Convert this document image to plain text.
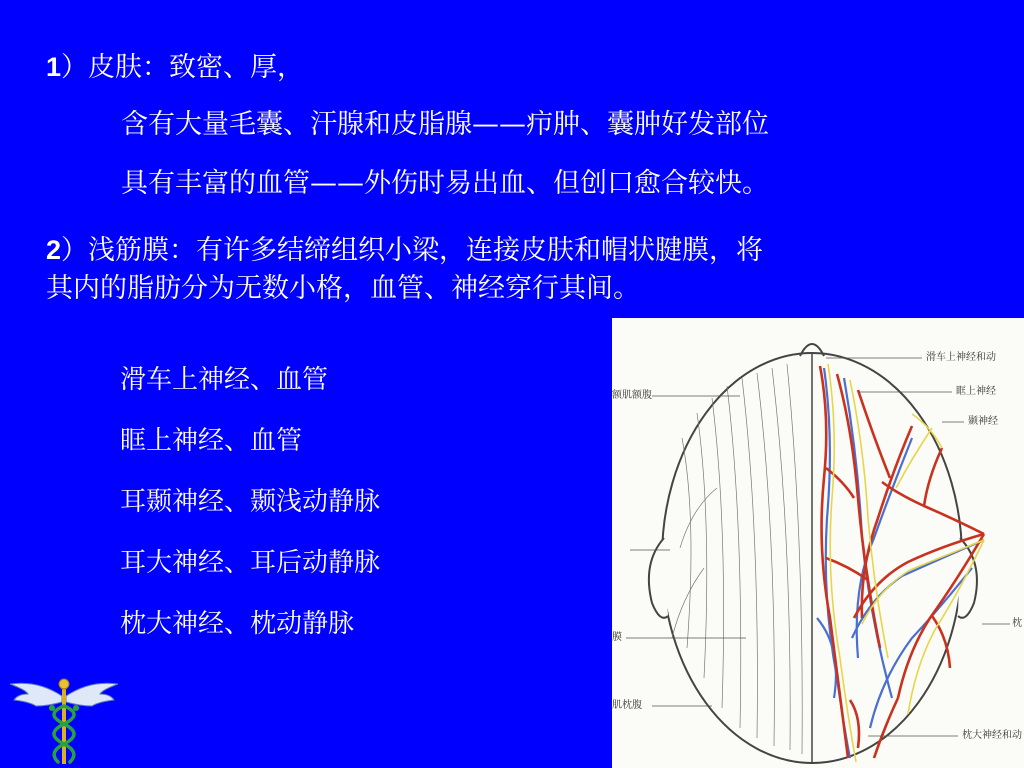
1）皮肤：致密、厚，
含有大量毛囊、汗腺和皮脂腺——疖肿、囊肿好发部位
具有丰富的血管——外伤时易出血、但创口愈合较快。
2）浅筋膜：有许多结缔组织小梁，连接皮肤和帽状腱膜，将
其内的脂肪分为无数小格，血管、神经穿行其间。
滑车上神经、血管
眶上神经、血管
耳颞神经、颞浅动静脉
耳大神经、耳后动静脉
枕大神经、枕动静脉
滑车上神经和动
眶上神经
颞神经
枕
枕大神经和动
额肌额腹
膜
肌枕腹
